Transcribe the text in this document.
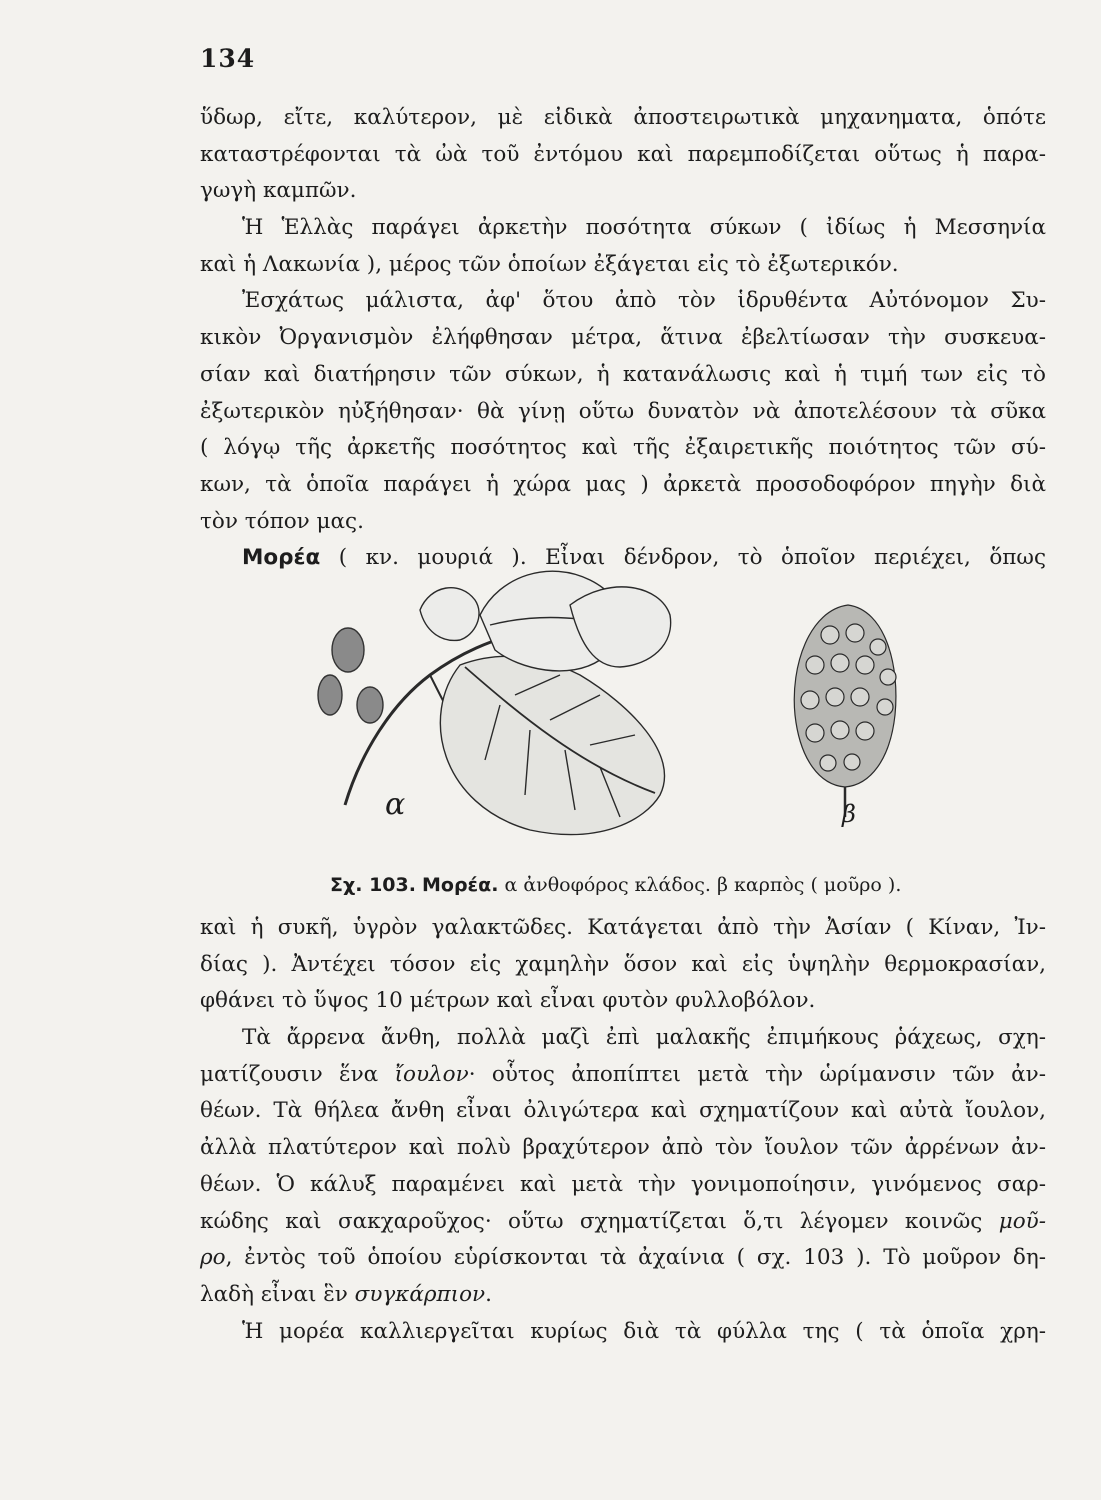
134
ὕδωρ, εἴτε, καλύτερον, μὲ εἰδικὰ ἀποστειρωτικὰ μηχανηματα, ὁπότε
καταστρέφονται τὰ ὠὰ τοῦ ἐντόμου καὶ παρεμποδίζεται οὕτως ἡ παρα-
γωγὴ καμπῶν.
Ἡ Ἑλλὰς παράγει ἀρκετὴν ποσότητα σύκων ( ἰδίως ἡ Μεσσηνία
καὶ ἡ Λακωνία ), μέρος τῶν ὁποίων ἐξάγεται εἰς τὸ ἐξωτερικόν.
Ἐσχάτως μάλιστα, ἀφ' ὅτου ἀπὸ τὸν ἱδρυθέντα Αὐτόνομον Συ-
κικὸν Ὀργανισμὸν ἐλήφθησαν μέτρα, ἅτινα ἐβελτίωσαν τὴν συσκευα-
σίαν καὶ διατήρησιν τῶν σύκων, ἡ κατανάλωσις καὶ ἡ τιμή των εἰς τὸ
ἐξωτερικὸν ηὐξήθησαν· θὰ γίνῃ οὕτω δυνατὸν νὰ ἀποτελέσουν τὰ σῦκα
( λόγῳ τῆς ἀρκετῆς ποσότητος καὶ τῆς ἐξαιρετικῆς ποιότητος τῶν σύ-
κων, τὰ ὁποῖα παράγει ἡ χώρα μας ) ἀρκετὰ προσοδοφόρον πηγὴν διὰ
τὸν τόπον μας.
Μορέα ( κν. μουριά ). Εἶναι δένδρον, τὸ ὁποῖον περιέχει, ὅπως
α	β
Σχ. 103. Μορέα. α ἀνθοφόρος κλάδος. β καρπὸς ( μοῦρο ).
καὶ ἡ συκῆ, ὑγρὸν γαλακτῶδες. Κατάγεται ἀπὸ τὴν Ἀσίαν ( Κίναν, Ἰν-
δίας ). Ἀντέχει τόσον εἰς χαμηλὴν ὅσον καὶ εἰς ὑψηλὴν θερμοκρασίαν,
φθάνει τὸ ὕψος 10 μέτρων καὶ εἶναι φυτὸν φυλλοβόλον.
Τὰ ἄρρενα ἄνθη, πολλὰ μαζὶ ἐπὶ μαλακῆς ἐπιμήκους ῥάχεως, σχη-
ματίζουσιν ἕνα ἴουλον· οὗτος ἀποπίπτει μετὰ τὴν ὡρίμανσιν τῶν ἀν-
θέων. Τὰ θήλεα ἄνθη εἶναι ὀλιγώτερα καὶ σχηματίζουν καὶ αὐτὰ ἴουλον,
ἀλλὰ πλατύτερον καὶ πολὺ βραχύτερον ἀπὸ τὸν ἴουλον τῶν ἀρρένων ἀν-
θέων. Ὁ κάλυξ παραμένει καὶ μετὰ τὴν γονιμοποίησιν, γινόμενος σαρ-
κώδης καὶ σακχαροῦχος· οὕτω σχηματίζεται ὅ,τι λέγομεν κοινῶς μοῦ-
ρο, ἐντὸς τοῦ ὁποίου εὑρίσκονται τὰ ἀχαίνια ( σχ. 103 ). Τὸ μοῦρον δη-
λαδὴ εἶναι ἓν συγκάρπιον.
Ἡ μορέα καλλιεργεῖται κυρίως διὰ τὰ φύλλα της ( τὰ ὁποῖα χρη-
